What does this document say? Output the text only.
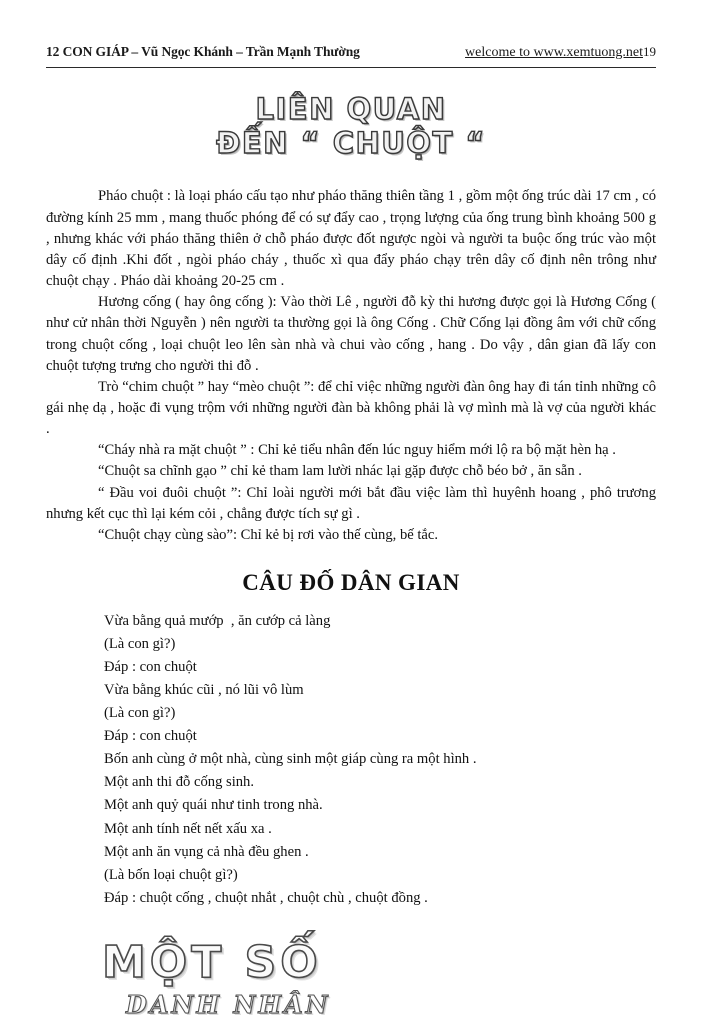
12 CON GIÁP – Vũ Ngọc Khánh – Trần Mạnh Thường	welcome to www.xemtuong.net 19
LIÊN QUAN
ĐẾN “ CHUỘT “

Pháo chuột : là loại pháo cấu tạo như pháo thăng thiên tầng 1 , gồm một ống trúc dài 17 cm , có đường kính 25 mm , mang thuốc phóng để có sự đẩy cao , trọng lượng của ống trung bình khoảng 500 g , nhưng khác với pháo thăng thiên ở chỗ pháo được đốt ngược ngòi và người ta buộc ống trúc vào một dây cố định .Khi đốt , ngòi pháo cháy , thuốc xì qua đẩy pháo chạy trên dây cố định nên trông như chuột chạy . Pháo dài khoảng 20-25 cm .

Hương cống ( hay ông cống ): Vào thời Lê , người đỗ kỳ thi hương được gọi là Hương Cống ( như cử nhân thời Nguyễn ) nên người ta thường gọi là ông Cống . Chữ Cống lại đồng âm với chữ cống trong chuột cống , loại chuột leo lên sàn nhà và chui vào cống , hang . Do vậy , dân gian đã lấy con chuột tượng trưng cho người thi đỗ .

Trò “chim chuột ” hay “mèo chuột ”: để chỉ việc những người đàn ông hay đi tán tỉnh những cô gái nhẹ dạ , hoặc đi vụng trộm với những người đàn bà không phải là vợ mình mà là vợ của người khác .

“Cháy nhà ra mặt chuột ” : Chỉ kẻ tiểu nhân đến lúc nguy hiểm mới lộ ra bộ mặt hèn hạ .

“Chuột sa chĩnh gạo ” chỉ kẻ tham lam lười nhác lại gặp được chỗ béo bở , ăn sẵn .

“ Đầu voi đuôi chuột ”: Chỉ loài người mới bắt đầu việc làm thì huyênh hoang , phô trương nhưng kết cục thì lại kém cỏi , chẳng được tích sự gì .

“Chuột chạy cùng sào”: Chỉ kẻ bị rơi vào thế cùng, bế tắc.

CÂU ĐỐ DÂN GIAN
Vừa bằng quả mướp  , ăn cướp cả làng
(Là con gì?)
Đáp : con chuột
Vừa bằng khúc cũi , nó lũi vô lùm
(Là con gì?)
Đáp : con chuột
Bốn anh cùng ở một nhà, cùng sinh một giáp cùng ra một hình .
Một anh thi đỗ cống sinh.
Một anh quỷ quái như tinh trong nhà.
Một anh tính nết nết xấu xa .
Một anh ăn vụng cả nhà đều ghen .
(Là bốn loại chuột gì?)
Đáp : chuột cống , chuột nhắt , chuột chù , chuột đồng .
MỘT SỐ
DANH NHÂN
